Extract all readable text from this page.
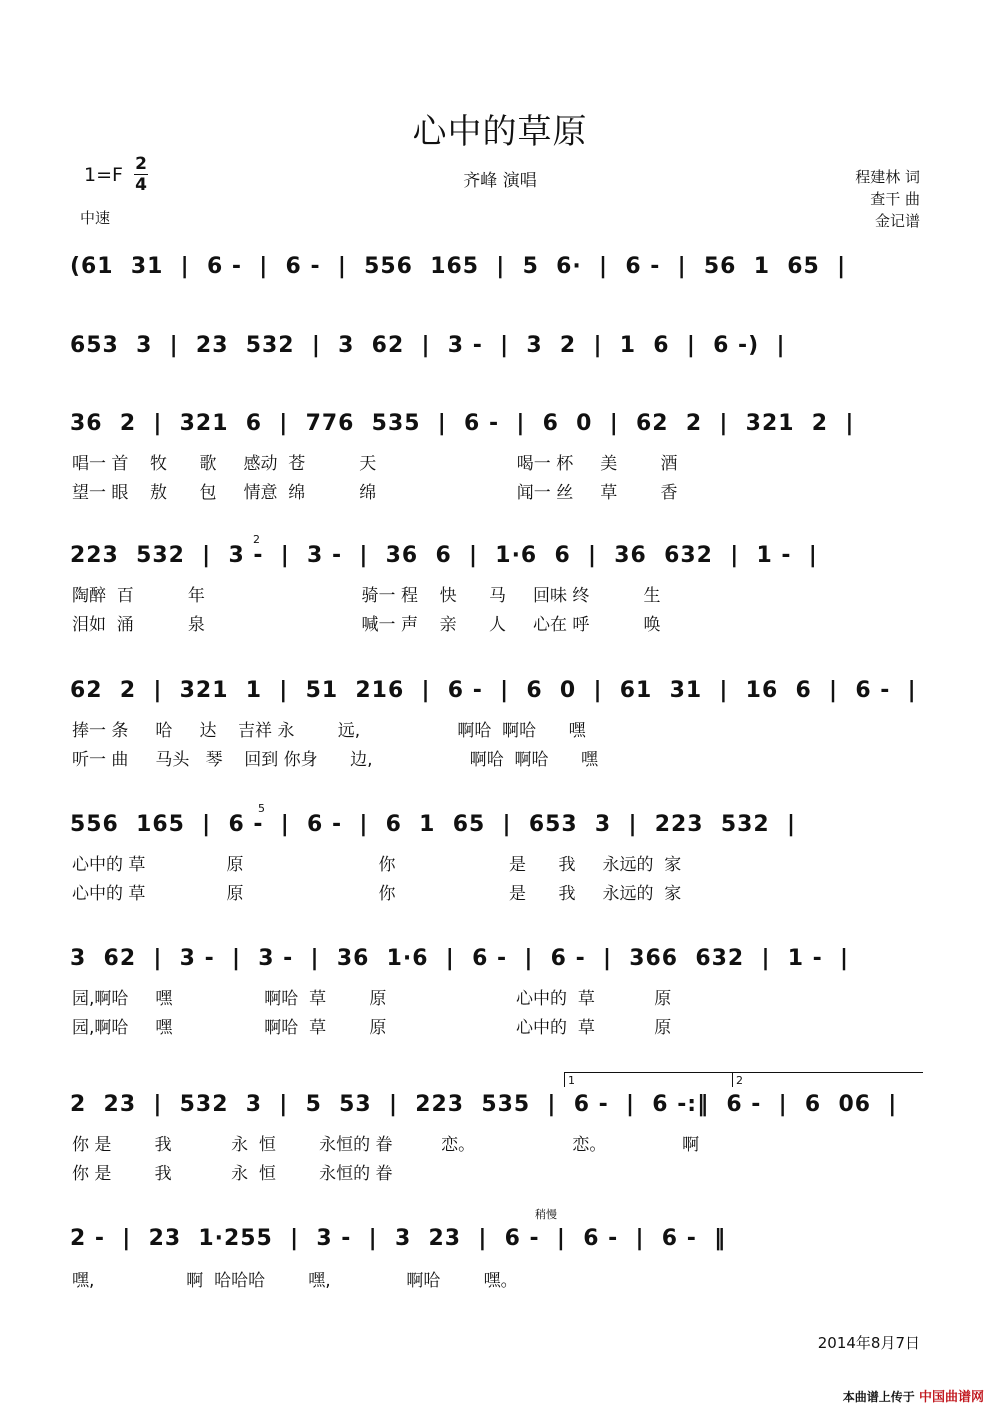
心中的草原
齐峰 演唱	程建林 词
查干 曲
金记谱
1=F 2
4
中速
(61  31  |  6 -  |  6 -  |  556  165  |  5  6·  |  6 -  |  56  1  65  |
653  3  |  23  532  |  3  62  |  3 -  |  3  2  |  1  6  |  6 -)  |
36  2  |  321  6  |  776  535  |  6 -  |  6  0  |  62  2  |  321  2  |
唱一 首    牧      歌     感动  苍          天                          喝一 杯     美        酒
望一 眼    敖      包     情意  绵          绵                          闻一 丝     草        香
223  532  |  3 -  |  3 -  |  36  6  |  1·6  6  |  36  632  |  1 -  |
陶醉  百          年                             骑一 程    快      马     回味 终          生
泪如  涌          泉                             喊一 声    亲      人     心在 呼          唤
2
62  2  |  321  1  |  51  216  |  6 -  |  6  0  |  61  31  |  16  6  |  6 -  |
捧一 条     哈     达    吉祥 永        远,                  啊哈  啊哈      嘿
听一 曲     马头   琴    回到 你身      边,                  啊哈  啊哈      嘿
556  165  |  6 -  |  6 -  |  6  1  65  |  653  3  |  223  532  |
心中的 草               原                         你                     是      我     永远的  家
心中的 草               原                         你                     是      我     永远的  家
5
3  62  |  3 -  |  3 -  |  36  1·6  |  6 -  |  6 -  |  366  632  |  1 -  |
园,啊哈     嘿                 啊哈  草        原                        心中的  草           原
园,啊哈     嘿                 啊哈  草        原                        心中的  草           原
2  23  |  532  3  |  5  53  |  223  535  |  6 -  |  6 -:‖  6 -  |  6  06  |
你 是        我           永  恒        永恒的 眷         恋。                  恋。              啊
你 是        我           永  恒        永恒的 眷
1	2
2 -  |  23  1·255  |  3 -  |  3  23  |  6 -  |  6 -  |  6 -  ‖
嘿,                 啊  哈哈哈        嘿,              啊哈        嘿。
稍慢
2014年8月7日
本曲谱上传于 中国曲谱网
